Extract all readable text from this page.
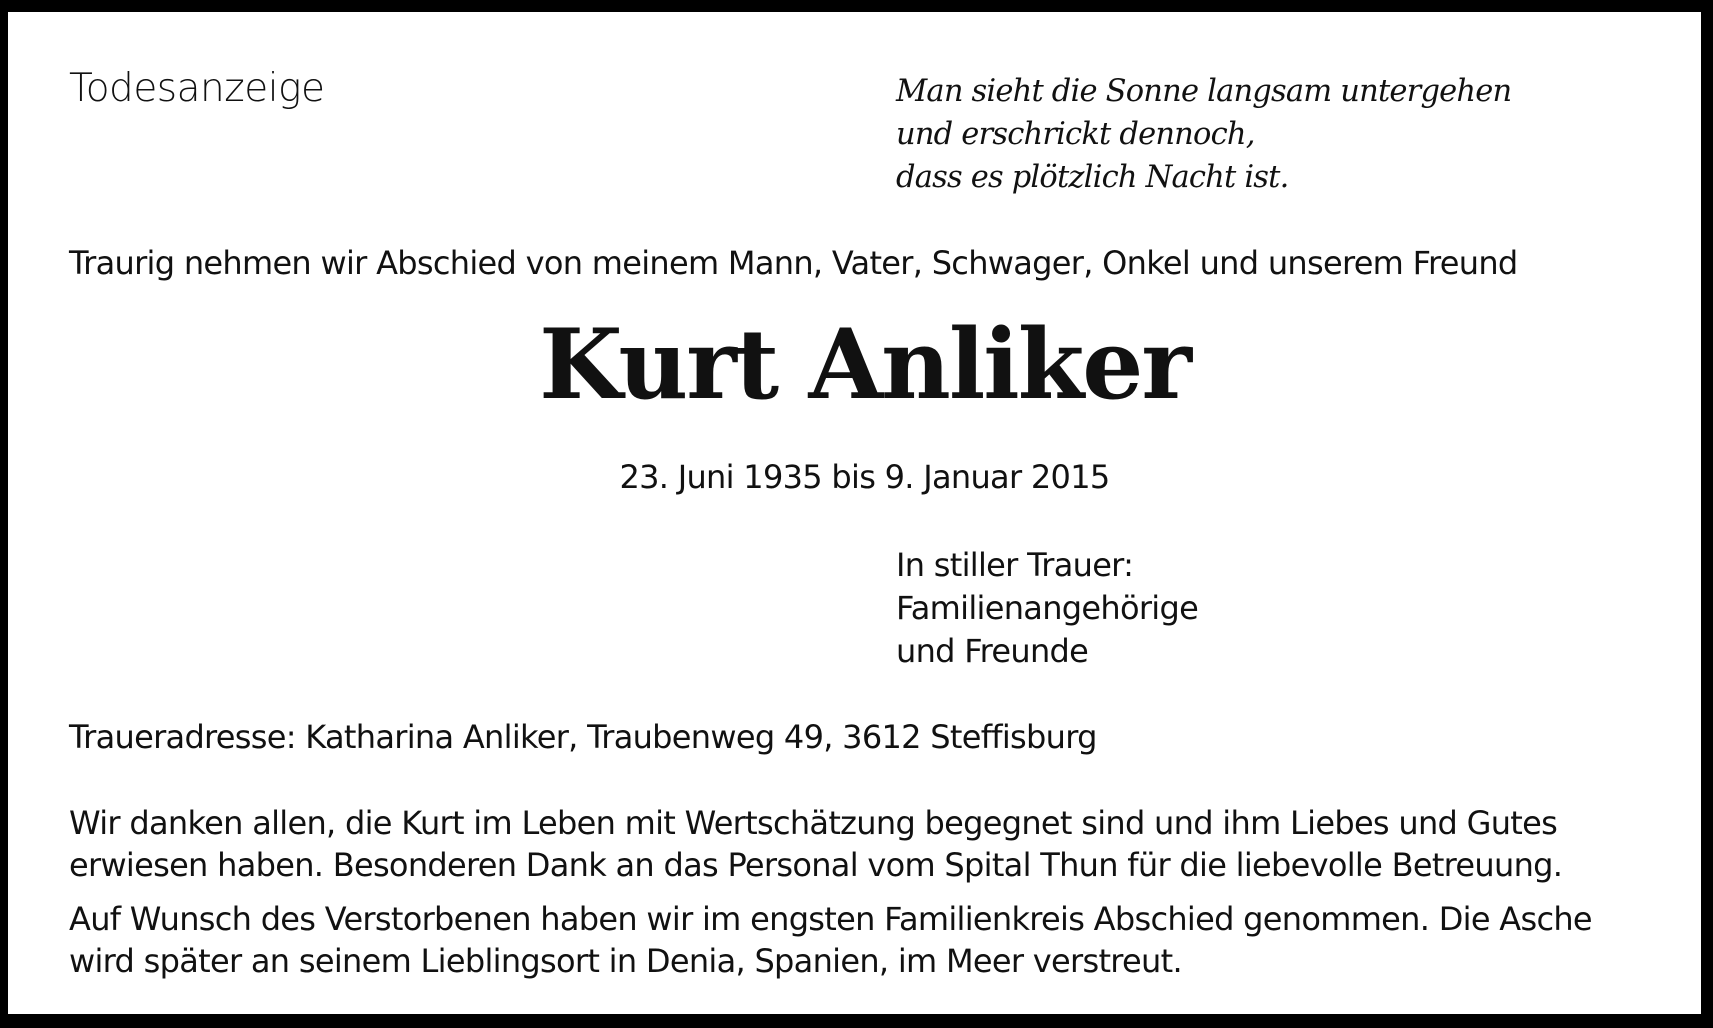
Todesanzeige	Man sieht die Sonne langsam untergehen
und erschrickt dennoch,
dass es plötzlich Nacht ist.

Traurig nehmen wir Abschied von meinem Mann, Vater, Schwager, Onkel und unserem Freund

Kurt Anliker

23. Juni 1935 bis 9. Januar 2015

In stiller Trauer:
Familienangehörige
und Freunde

Traueradresse: Katharina Anliker, Traubenweg 49, 3612 Steffisburg

Wir danken allen, die Kurt im Leben mit Wertschätzung begegnet sind und ihm Liebes und Gutes erwiesen haben. Besonderen Dank an das Personal vom Spital Thun für die liebevolle Betreuung.

Auf Wunsch des Verstorbenen haben wir im engsten Familienkreis Abschied genommen. Die Asche wird später an seinem Lieblingsort in Denia, Spanien, im Meer verstreut.
